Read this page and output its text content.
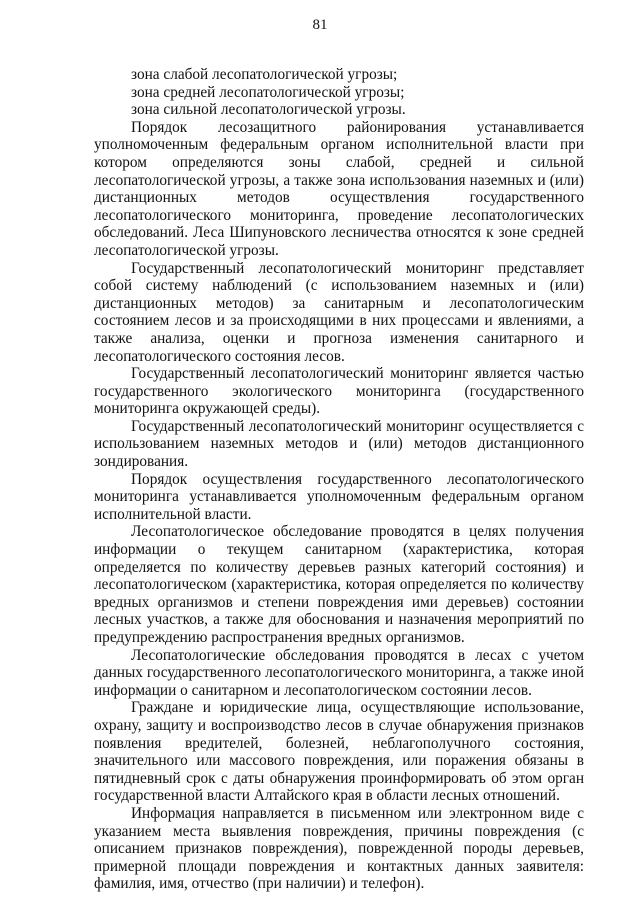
81

зона слабой лесопатологической угрозы;

зона средней лесопатологической угрозы;

зона сильной лесопатологической угрозы.

Порядок лесозащитного районирования устанавливается уполномоченным федеральным органом исполнительной власти при котором определяются зоны слабой, средней и сильной лесопатологической угрозы, а также зона использования наземных и (или) дистанционных методов осуществления государственного лесопатологического мониторинга, проведение лесопатологических обследований. Леса Шипуновского лесничества относятся к зоне средней лесопатологической угрозы.

Государственный лесопатологический мониторинг представляет собой систему наблюдений (с использованием наземных и (или) дистанционных методов) за санитарным и лесопатологическим состоянием лесов и за происходящими в них процессами и явлениями, а также анализа, оценки и прогноза изменения санитарного и лесопатологического состояния лесов.

Государственный лесопатологический мониторинг является частью государственного экологического мониторинга (государственного мониторинга окружающей среды).

Государственный лесопатологический мониторинг осуществляется с использованием наземных методов и (или) методов дистанционного зондирования.

Порядок осуществления государственного лесопатологического мониторинга устанавливается уполномоченным федеральным органом исполнительной власти.

Лесопатологическое обследование проводятся в целях получения информации о текущем санитарном (характеристика, которая определяется по количеству деревьев разных категорий состояния) и лесопатологическом (характеристика, которая определяется по количеству вредных организмов и степени повреждения ими деревьев) состоянии лесных участков, а также для обоснования и назначения мероприятий по предупреждению распространения вредных организмов.

Лесопатологические обследования проводятся в лесах с учетом данных государственного лесопатологического мониторинга, а также иной информации о санитарном и лесопатологическом состоянии лесов.

Граждане и юридические лица, осуществляющие использование, охрану, защиту и воспроизводство лесов в случае обнаружения признаков появления вредителей, болезней, неблагополучного состояния, значительного или массового повреждения, или поражения обязаны в пятидневный срок с даты обнаружения проинформировать об этом орган государственной власти Алтайского края в области лесных отношений.

Информация направляется в письменном или электронном виде с указанием места выявления повреждения, причины повреждения (с описанием признаков повреждения), поврежденной породы деревьев, примерной площади повреждения и контактных данных заявителя: фамилия, имя, отчество (при наличии) и телефон).
